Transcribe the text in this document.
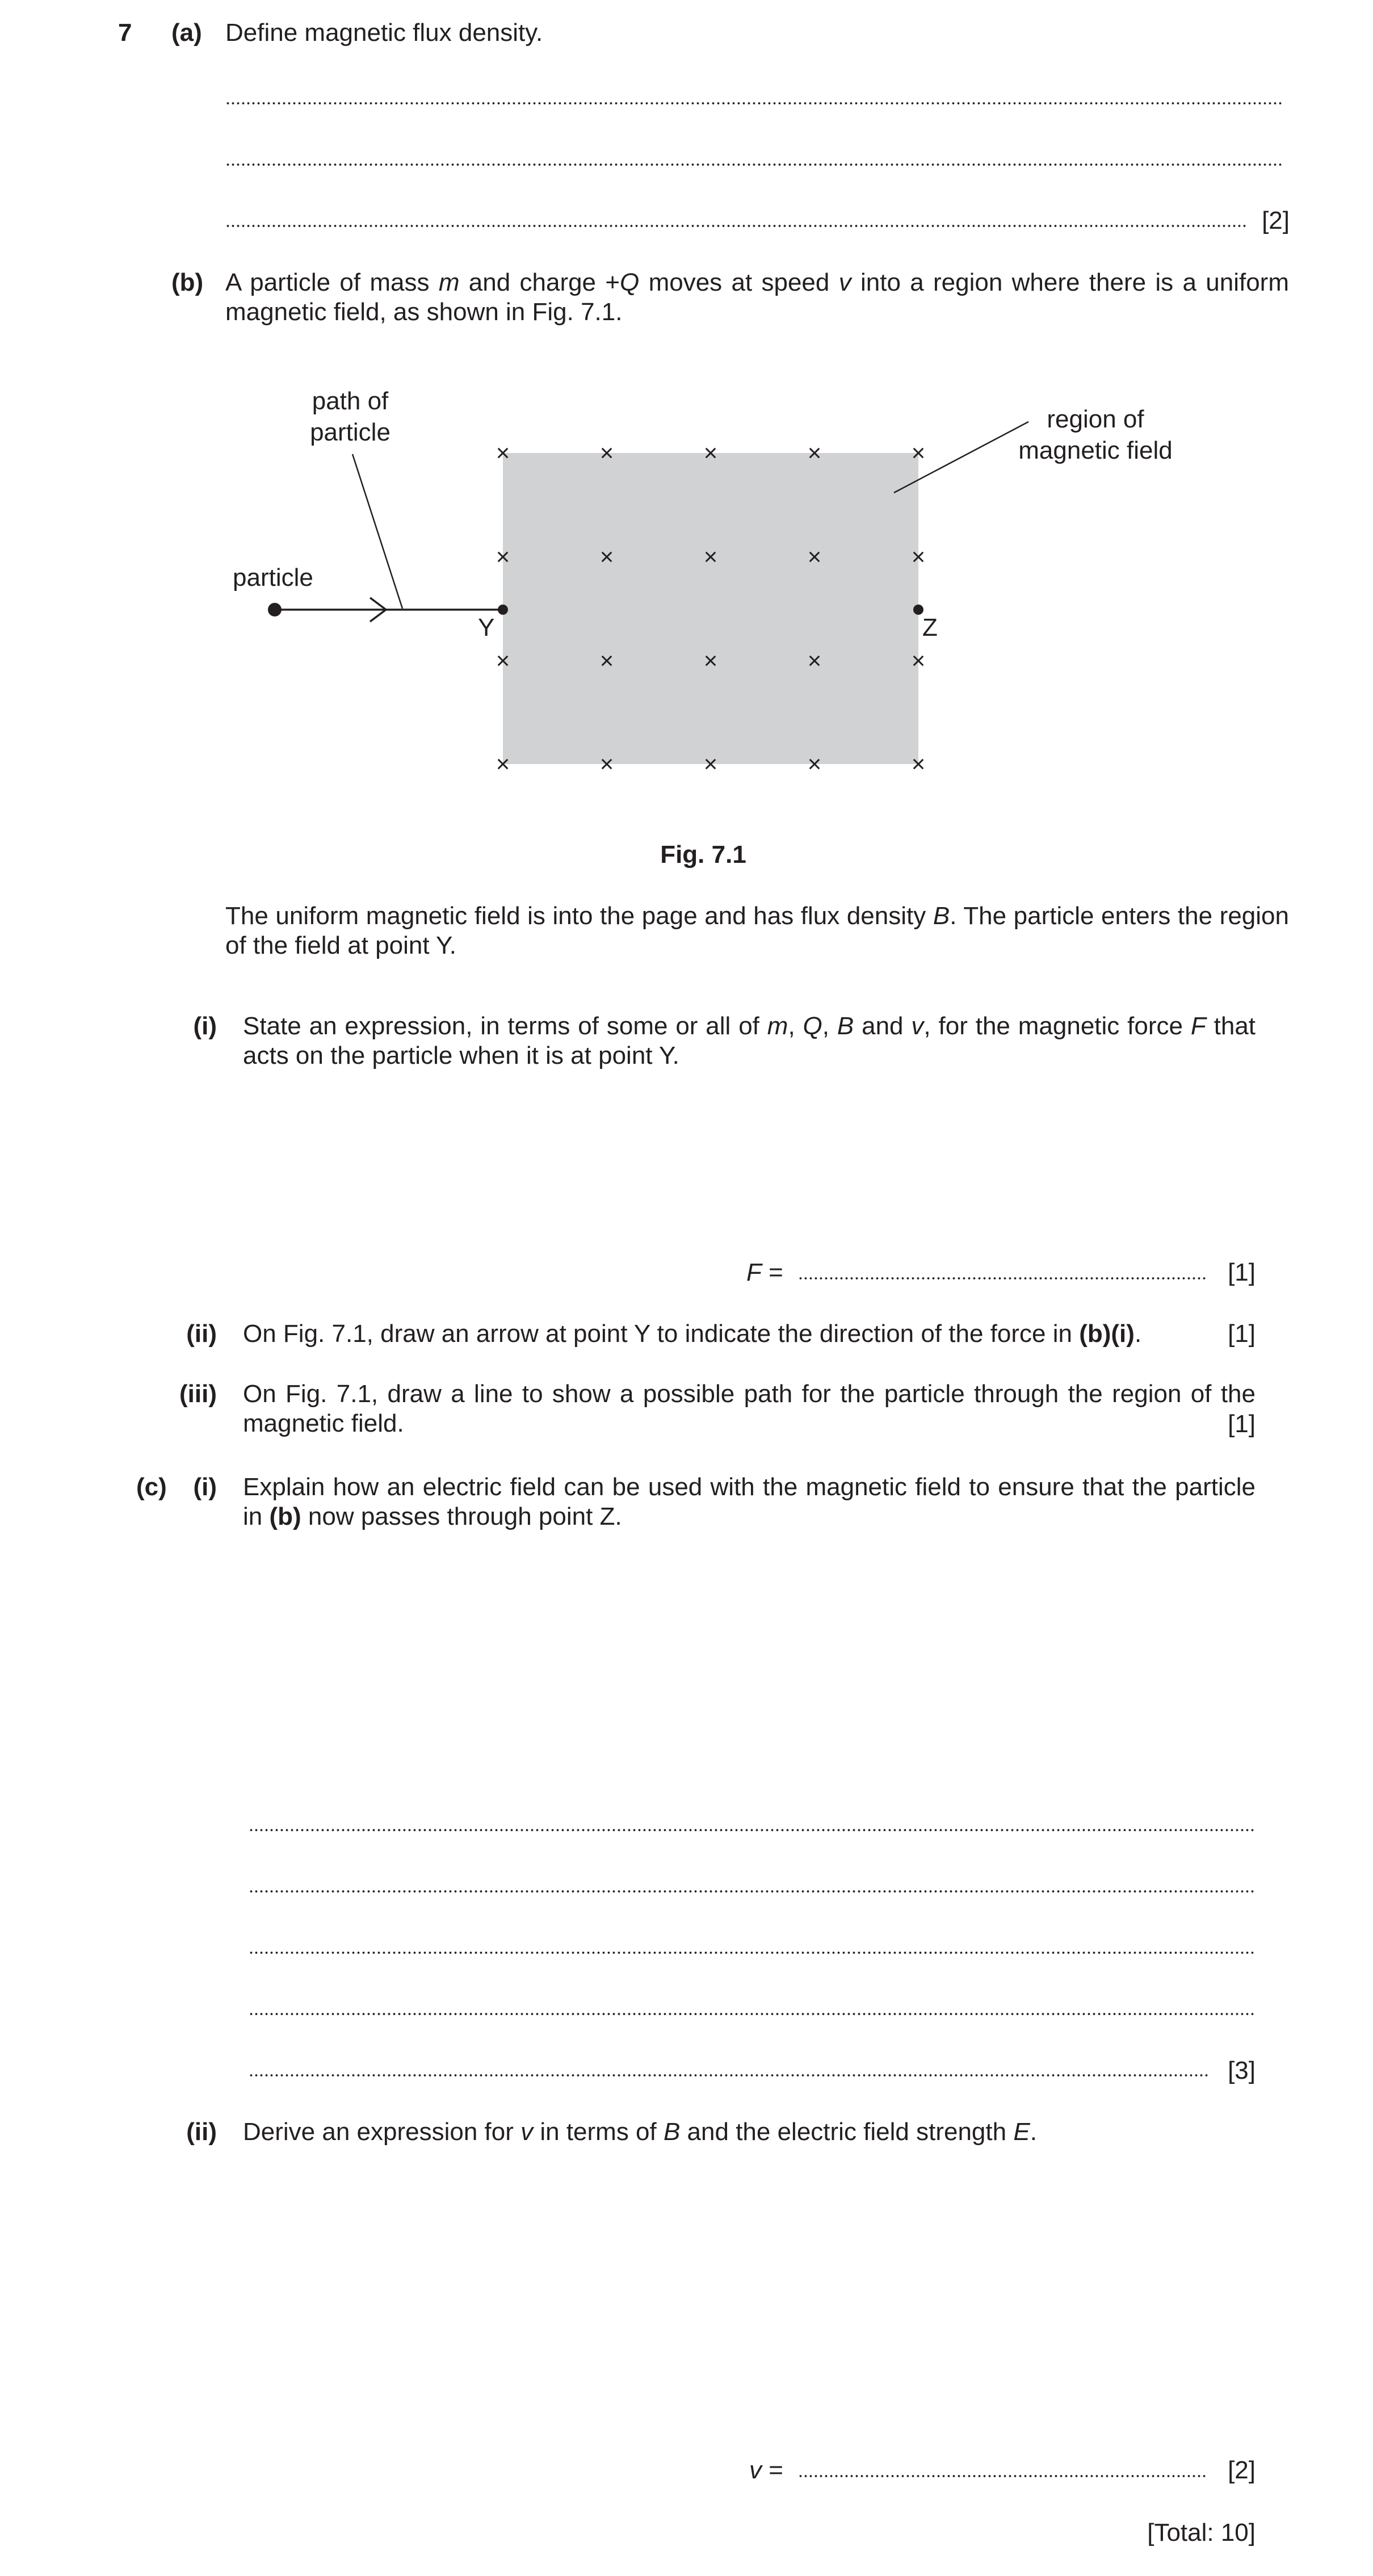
7 (a) Define magnetic flux density.
[2]
(b) A particle of mass m and charge +Q moves at speed v into a region where there is a uniform magnetic field, as shown in Fig. 7.1.
×	×	×	×	×
×	×	×	×	×
×	×	×	×	×
×	×	×	×	×
path of
particle	region of
magnetic field
particle
Y	Z
Fig. 7.1
The uniform magnetic field is into the page and has flux density B. The particle enters the region of the field at point Y.
(i) State an expression, in terms of some or all of m, Q, B and v, for the magnetic force F that acts on the particle when it is at point Y.
F =	[1]
(ii) On Fig. 7.1, draw an arrow at point Y to indicate the direction of the force in (b)(i).	[1]
(iii) On Fig. 7.1, draw a line to show a possible path for the particle through the region of the magnetic field.	[1]
(c)	(i) Explain how an electric field can be used with the magnetic field to ensure that the particle in (b) now passes through point Z.
[3]
(ii) Derive an expression for v in terms of B and the electric field strength E.
v =	[2]
[Total: 10]
